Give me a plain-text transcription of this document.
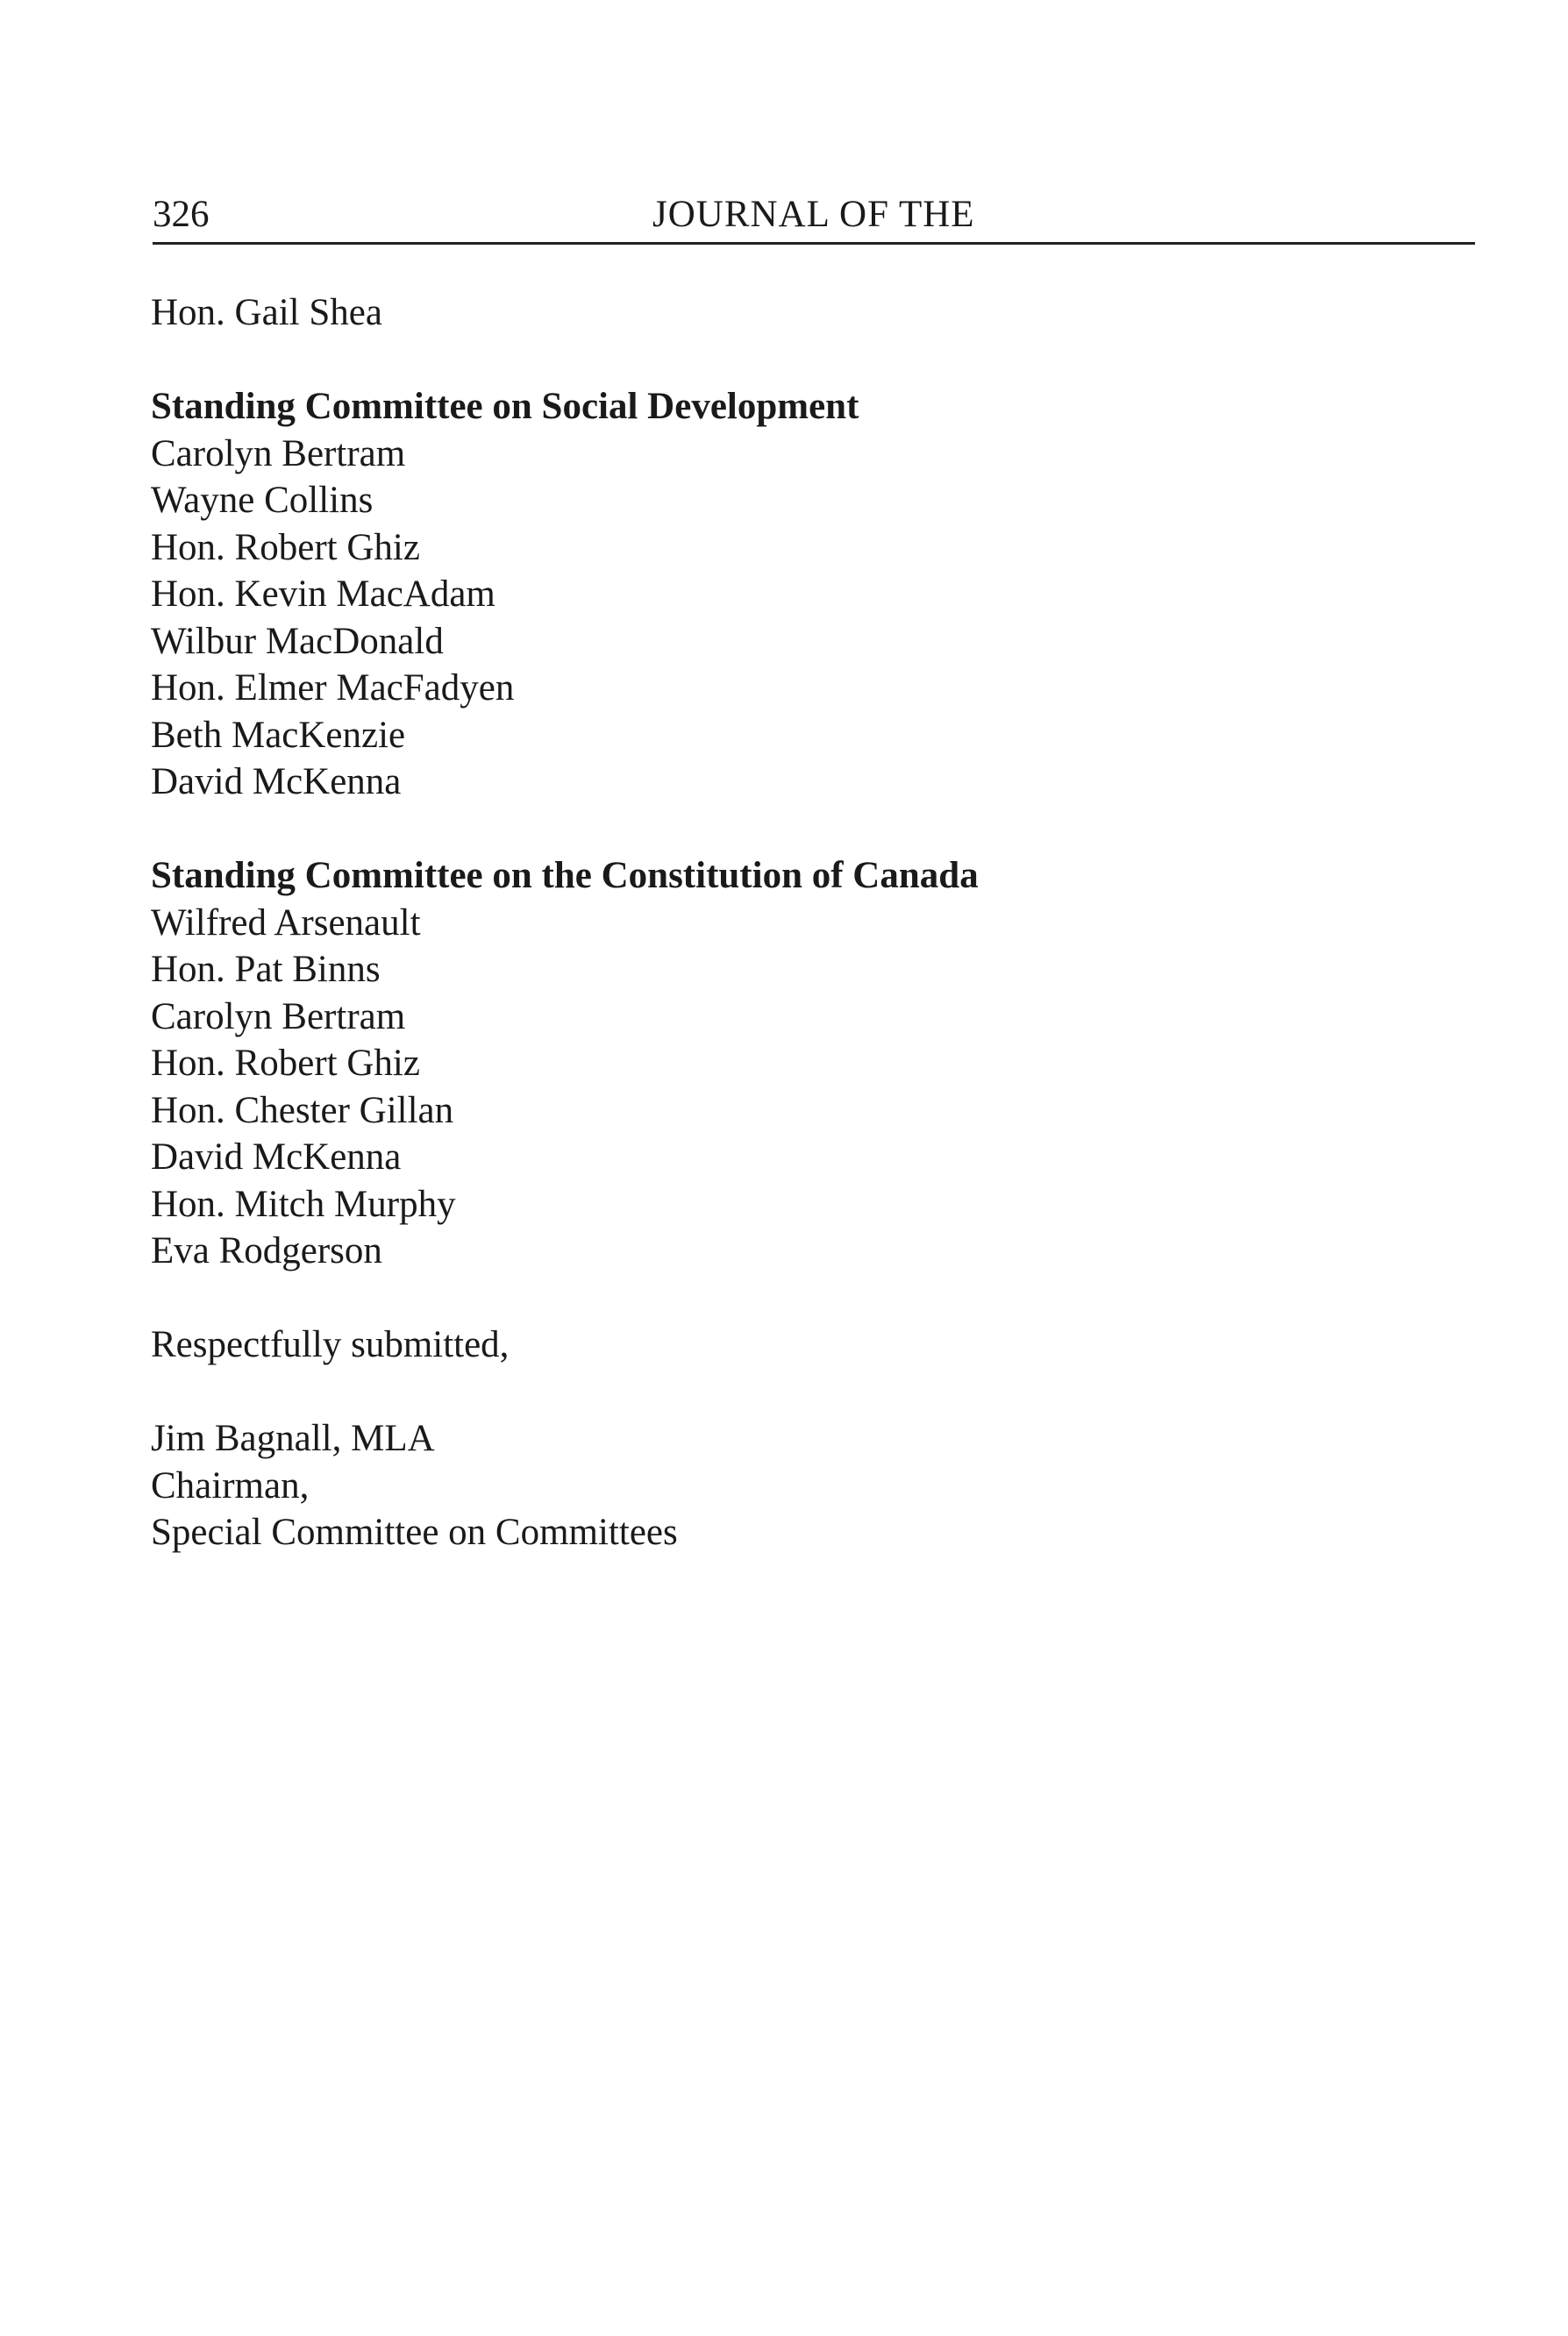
326	JOURNAL OF THE
Hon. Gail Shea
Standing Committee on Social Development
Carolyn Bertram
Wayne Collins
Hon. Robert Ghiz
Hon. Kevin MacAdam
Wilbur MacDonald
Hon. Elmer MacFadyen
Beth MacKenzie
David McKenna
Standing Committee on the Constitution of Canada
Wilfred Arsenault
Hon. Pat Binns
Carolyn Bertram
Hon. Robert Ghiz
Hon. Chester Gillan
David McKenna
Hon. Mitch Murphy
Eva Rodgerson
Respectfully submitted,
Jim Bagnall, MLA
Chairman,
Special Committee on Committees
